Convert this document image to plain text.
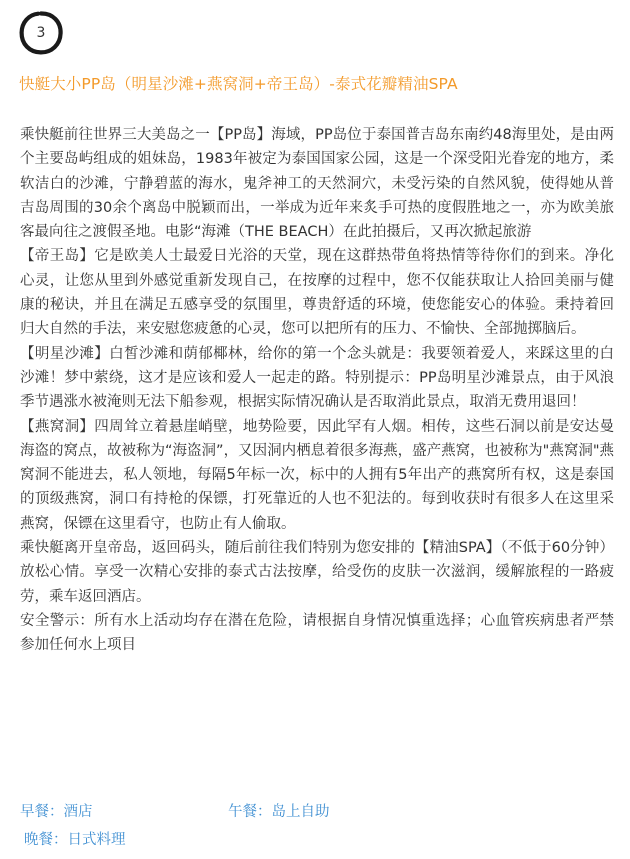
3
快艇大小PP岛（明星沙滩+燕窝洞+帝王岛）-泰式花瓣精油SPA

乘快艇前往世界三大美岛之一【PP岛】海域，PP岛位于泰国普吉岛东南约48海里处，是由两个主要岛屿组成的姐妹岛，1983年被定为泰国国家公园，这是一个深受阳光眷宠的地方，柔软洁白的沙滩，宁静碧蓝的海水，鬼斧神工的天然洞穴，未受污染的自然风貌，使得她从普吉岛周围的30余个离岛中脱颖而出，一举成为近年来炙手可热的度假胜地之一，亦为欧美旅客最向往之渡假圣地。电影“海滩（THE BEACH）在此拍摄后，又再次掀起旅游

【帝王岛】它是欧美人士最爱日光浴的天堂，现在这群热带鱼将热情等待你们的到来。净化心灵，让您从里到外感觉重新发现自己，在按摩的过程中，您不仅能获取让人拾回美丽与健康的秘诀，并且在满足五感享受的氛围里，尊贵舒适的环境，使您能安心的体验。秉持着回归大自然的手法，来安慰您疲惫的心灵，您可以把所有的压力、不愉快、全部抛掷脑后。

【明星沙滩】白皙沙滩和荫郁椰林，给你的第一个念头就是：我要领着爱人，来踩这里的白沙滩！梦中萦绕，这才是应该和爱人一起走的路。特别提示：PP岛明星沙滩景点，由于风浪季节遇涨水被淹则无法下船参观，根据实际情况确认是否取消此景点，取消无费用退回！

【燕窝洞】四周耸立着悬崖峭壁，地势险要，因此罕有人烟。相传，这些石洞以前是安达曼海盗的窝点，故被称为“海盗洞”，又因洞内栖息着很多海燕，盛产燕窝，也被称为"燕窝洞"燕窝洞不能进去，私人领地，每隔5年标一次，标中的人拥有5年出产的燕窝所有权，这是泰国的顶级燕窝，洞口有持枪的保镖，打死靠近的人也不犯法的。每到收获时有很多人在这里采燕窝，保镖在这里看守，也防止有人偷取。

乘快艇离开皇帝岛，返回码头，随后前往我们特别为您安排的【精油SPA】（不低于60分钟）放松心情。享受一次精心安排的泰式古法按摩，给受伤的皮肤一次滋润，缓解旅程的一路疲劳，乘车返回酒店。

安全警示：所有水上活动均存在潜在危险，请根据自身情况慎重选择；心血管疾病患者严禁参加任何水上项目

早餐：酒店	午餐：岛上自助
晚餐：日式料理
